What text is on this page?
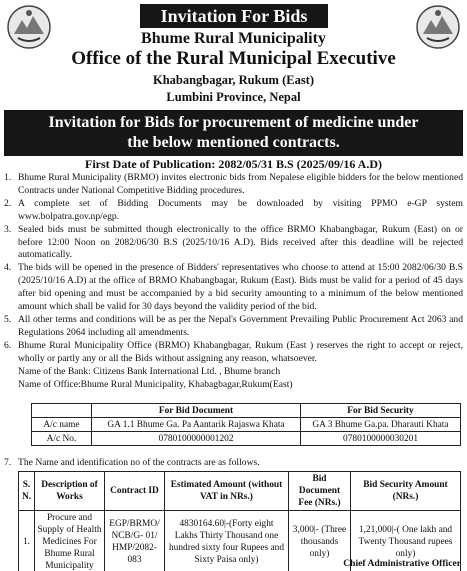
Invitation For Bids
Bhume Rural Municipality
Office of the Rural Municipal Executive
Khabangbagar, Rukum (East)
Lumbini Province, Nepal
Invitation for Bids for procurement of medicine under
the below mentioned contracts.
First Date of Publication: 2082/05/31 B.S (2025/09/16 A.D)
1. Bhume Rural Municipality (BRMO) invites electronic bids from Nepalese eligible bidders for the below mentioned Contracts under National Competitive Bidding procedures.
2. A complete set of Bidding Documents may be downloaded by visiting PPMO e-GP system www.bolpatra.gov.np/egp.
3. Sealed bids must be submitted though electronically to the office BRMO Khabangbagar, Rukum (East) on or before 12:00 Noon on 2082/06/30 B.S (2025/10/16 A.D). Bids received after this deadline will be rejected automatically.
4. The bids will be opened in the presence of Bidders' representatives who choose to attend at 15:00 2082/06/30 B.S (2025/10/16 A.D) at the office of BRMO Khabangbagar, Rukum (East). Bids must be valid for a period of 45 days after bid opening and must be accompanied by a bid security amounting to a minimum of the below mentioned amount which shall be valid for 30 days beyond the validity period of the bid.
5. All other terms and conditions will be as per the Nepal's Government Prevailing Public Procurement Act 2063 and Regulations 2064 including all amendments.
6. Bhume Rural Municipality Office (BRMO) Khabangbagar, Rukum (East ) reserves the right to accept or reject, wholly or partly any or all the Bids without assigning any reason, whatsoever.
Name of the Bank: Citizens Bank International Ltd. , Bhume branch
Name of Office:Bhume Rural Municipality, Khabagbagar,Rukum(East)
	For Bid Document	For Bid Security
A/c name	GA 1.1 Bhume Ga. Pa Aantarik Rajaswa Khata	GA 3 Bhume Ga.pa. Dharauti Khata
A/c No.	0780100000001202	0780100000030201
7. The Name and identification no of the contracts are as follows.
S. N.	Description of Works	Contract ID	Estimated Amount (without VAT in NRs.)	Bid Document Fee (NRs.)	Bid Security Amount (NRs.)
1.	Procure and Supply of Health Medicines For Bhume Rural Municipality	EGP/BRMO/ NCB/G- 01/ HMP/2082-083	4830164.60|-(Forty eight Lakhs Thirty Thousand one hundred sixty four Rupees and Sixty Paisa only)	3,000|- (Three thousands only)	1,21,000|-( One lakh and Twenty Thousand rupees only)
Chief Administrative Officer
